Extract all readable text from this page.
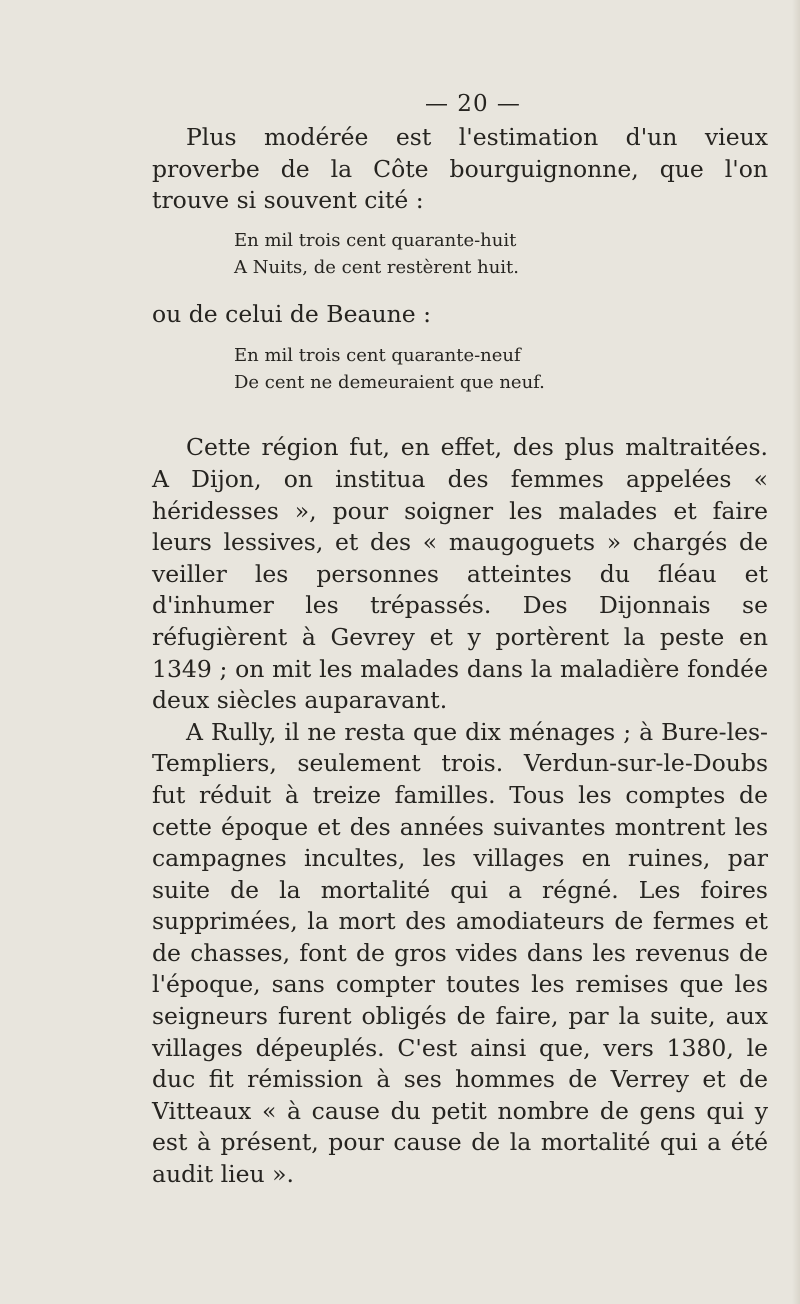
— 20 —

Plus modérée est l'estimation d'un vieux proverbe de la Côte bourguignonne, que l'on trouve si souvent cité :

En mil trois cent quarante-huit
A Nuits, de cent restèrent huit.

ou de celui de Beaune :

En mil trois cent quarante-neuf
De cent ne demeuraient que neuf.

Cette région fut, en effet, des plus maltraitées. A Dijon, on institua des femmes appelées « héridesses », pour soigner les malades et faire leurs lessives, et des « maugoguets » chargés de veiller les personnes atteintes du fléau et d'inhumer les trépassés. Des Dijonnais se réfugièrent à Gevrey et y portèrent la peste en 1349 ; on mit les malades dans la maladière fondée deux siècles auparavant.

A Rully, il ne resta que dix ménages ; à Bure-les-Templiers, seulement trois. Verdun-sur-le-Doubs fut réduit à treize familles. Tous les comptes de cette époque et des années suivantes montrent les campagnes incultes, les villages en ruines, par suite de la mortalité qui a régné. Les foires supprimées, la mort des amodiateurs de fermes et de chasses, font de gros vides dans les revenus de l'époque, sans compter toutes les remises que les seigneurs furent obligés de faire, par la suite, aux villages dépeuplés. C'est ainsi que, vers 1380, le duc fit rémission à ses hommes de Verrey et de Vitteaux « à cause du petit nombre de gens qui y est à présent, pour cause de la mortalité qui a été audit lieu ».
